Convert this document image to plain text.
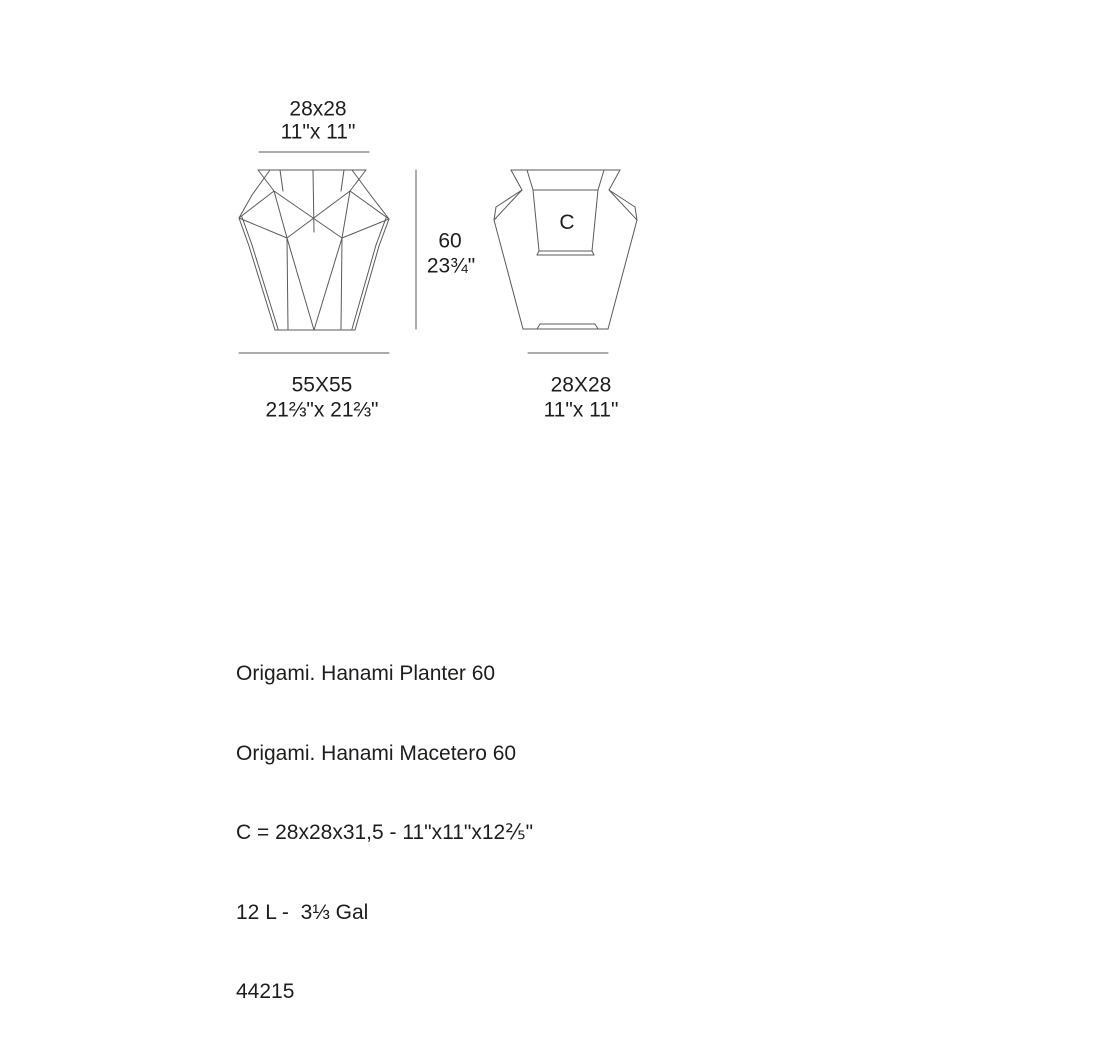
28x28
11"x 11"
60
23¾"
55X55
21⅔"x 21⅔"
28X28
11"x 11"
C

Origami. Hanami Planter 60

Origami. Hanami Macetero 60

C = 28x28x31,5 - 11"x11"x12⅖"

12 L -  3⅓ Gal

44215
